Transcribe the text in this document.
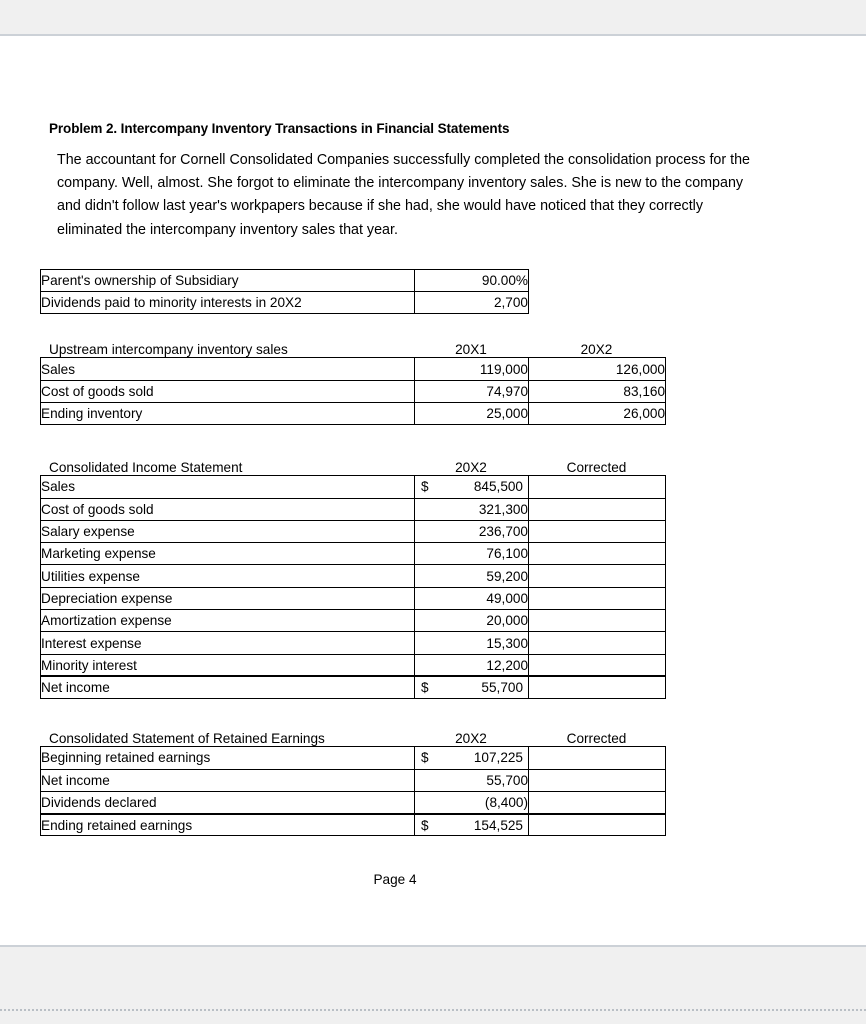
Problem 2. Intercompany Inventory Transactions in Financial Statements

The accountant for Cornell Consolidated Companies successfully completed the consolidation process for the company. Well, almost. She forgot to eliminate the intercompany inventory sales. She is new to the company and didn't follow last year's workpapers because if she had, she would have noticed that they correctly eliminated the intercompany inventory sales that year.

Parent's ownership of Subsidiary	90.00%
Dividends paid to minority interests in 20X2	2,700
Upstream intercompany inventory sales	20X1	20X2
Sales	119,000	126,000
Cost of goods sold	74,970	83,160
Ending inventory	25,000	26,000
Consolidated Income Statement	20X2	Corrected
Sales	$ 845,500	

Cost of goods sold	321,300	
Salary expense	236,700	
Marketing expense	76,100	
Utilities expense	59,200	
Depreciation expense	49,000	
Amortization expense	20,000	
Interest expense	15,300	
Minority interest	12,200	
Net income	$ 55,700	

Consolidated Statement of Retained Earnings	20X2	Corrected
Beginning retained earnings	$ 107,225	

Net income	55,700	
Dividends declared	(8,400)	
Ending retained earnings	$ 154,525	

Page 4
